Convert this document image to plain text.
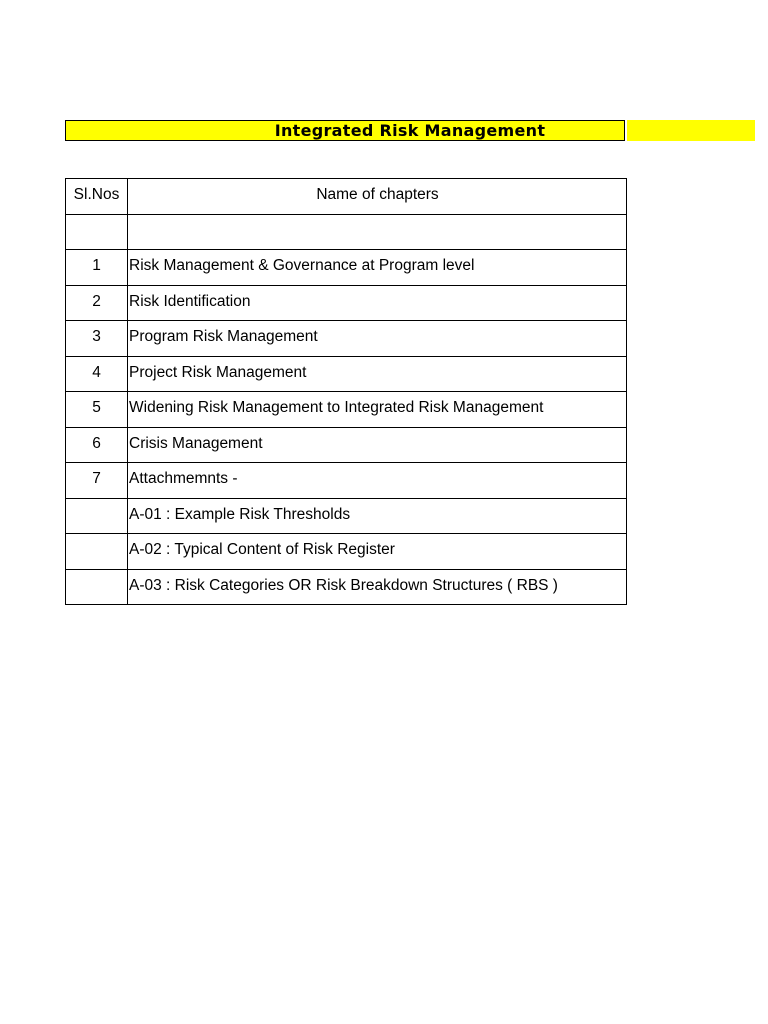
Integrated Risk Management
Sl.Nos	Name of chapters

1	Risk Management & Governance at Program level
2	Risk Identification
3	Program Risk Management
4	Project Risk Management
5	Widening Risk Management to Integrated Risk Management
6	Crisis Management
7	Attachmemnts -
	A-01 : Example Risk Thresholds
	A-02 : Typical Content of Risk Register
	A-03 : Risk Categories OR Risk Breakdown Structures ( RBS )
